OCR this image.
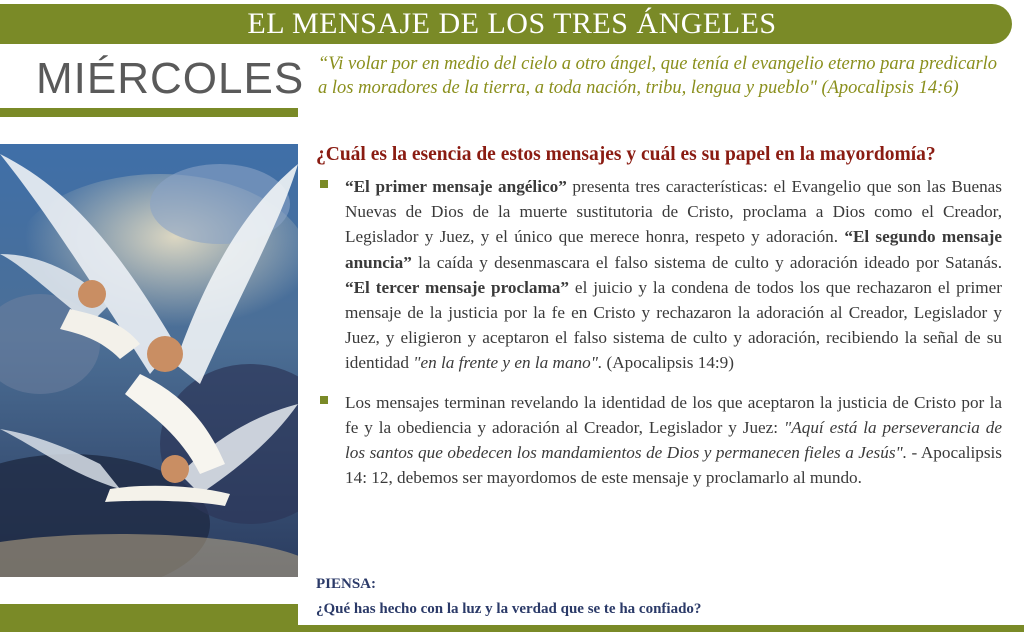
EL MENSAJE DE LOS TRES ÁNGELES
MIÉRCOLES “Vi volar por en medio del cielo a otro ángel, que tenía el evangelio eterno para predicarlo a los moradores de la tierra, a toda nación, tribu, lengua y pueblo" (Apocalipsis 14:6)
¿Cuál es la esencia de estos mensajes y cuál es su papel en la mayordomía?
“El primer mensaje angélico” presenta tres características: el Evangelio que son las Buenas Nuevas de Dios de la muerte sustitutoria de Cristo, proclama a Dios como el Creador, Legislador y Juez, y el único que merece honra, respeto y adoración. “El segundo mensaje anuncia” la caída y desenmascara el falso sistema de culto y adoración ideado por Satanás. “El tercer mensaje proclama” el juicio y la condena de todos los que rechazaron el primer mensaje de la justicia por la fe en Cristo y rechazaron la adoración al Creador, Legislador y Juez, y eligieron y aceptaron el falso sistema de culto y adoración, recibiendo la señal de su identidad "en la frente y en la mano". (Apocalipsis 14:9)
Los mensajes terminan revelando la identidad de los que aceptaron la justicia de Cristo por la fe y la obediencia y adoración al Creador, Legislador y Juez: "Aquí está la perseverancia de los santos que obedecen los mandamientos de Dios y permanecen fieles a Jesús". - Apocalipsis 14: 12, debemos ser mayordomos de este mensaje y proclamarlo al mundo.
PIENSA:
¿Qué has hecho con la luz y la verdad que se te ha confiado?
